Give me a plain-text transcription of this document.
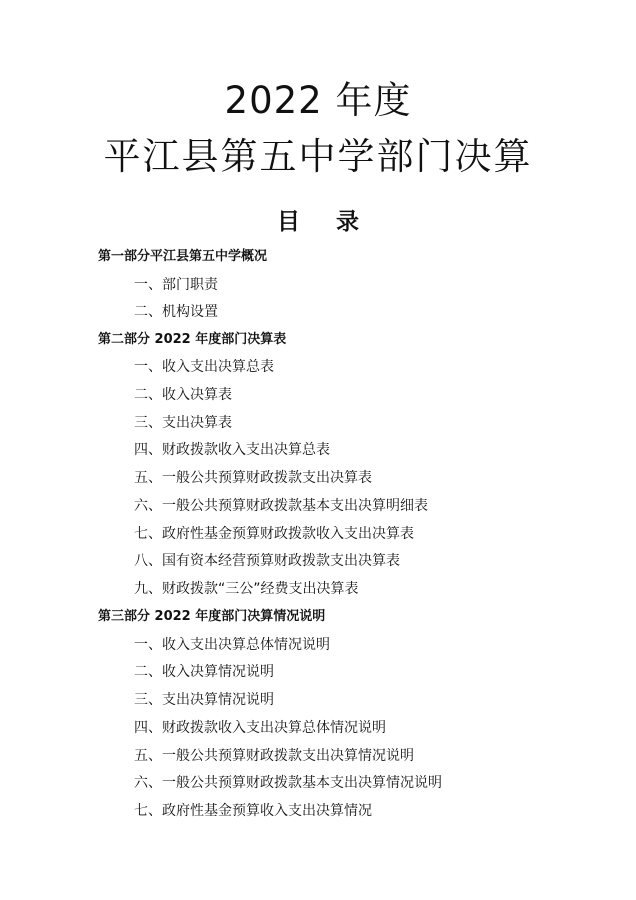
2022 年度
平江县第五中学部门决算
目 录
第一部分平江县第五中学概况
一、部门职责
二、机构设置
第二部分 2022 年度部门决算表
一、收入支出决算总表
二、收入决算表
三、支出决算表
四、财政拨款收入支出决算总表
五、一般公共预算财政拨款支出决算表
六、一般公共预算财政拨款基本支出决算明细表
七、政府性基金预算财政拨款收入支出决算表
八、国有资本经营预算财政拨款支出决算表
九、财政拨款“三公”经费支出决算表
第三部分 2022 年度部门决算情况说明
一、收入支出决算总体情况说明
二、收入决算情况说明
三、支出决算情况说明
四、财政拨款收入支出决算总体情况说明
五、一般公共预算财政拨款支出决算情况说明
六、一般公共预算财政拨款基本支出决算情况说明
七、政府性基金预算收入支出决算情况
